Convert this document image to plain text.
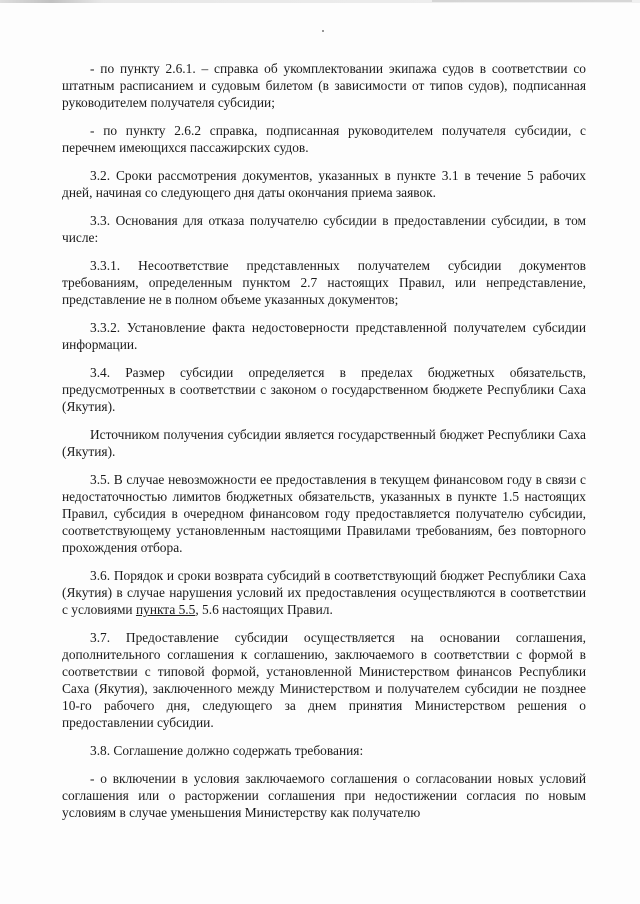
- по пункту 2.6.1. – справка об укомплектовании экипажа судов в соответствии со штатным расписанием и судовым билетом (в зависимости от типов судов), подписанная руководителем получателя субсидии;

- по пункту 2.6.2 справка, подписанная руководителем получателя субсидии, с перечнем имеющихся пассажирских судов.

3.2. Сроки рассмотрения документов, указанных в пункте 3.1 в течение 5 рабочих дней, начиная со следующего дня даты окончания приема заявок.

3.3. Основания для отказа получателю субсидии в предоставлении субсидии, в том числе:

3.3.1. Несоответствие представленных получателем субсидии документов требованиям, определенным пунктом 2.7 настоящих Правил, или непредставление, представление не в полном объеме указанных документов;

3.3.2. Установление факта недостоверности представленной получателем субсидии информации.

3.4. Размер субсидии определяется в пределах бюджетных обязательств, предусмотренных в соответствии с законом о государственном бюджете Республики Саха (Якутия).

Источником получения субсидии является государственный бюджет Республики Саха (Якутия).

3.5. В случае невозможности ее предоставления в текущем финансовом году в связи с недостаточностью лимитов бюджетных обязательств, указанных в пункте 1.5 настоящих Правил, субсидия в очередном финансовом году предоставляется получателю субсидии, соответствующему установленным настоящими Правилами требованиям, без повторного прохождения отбора.

3.6. Порядок и сроки возврата субсидий в соответствующий бюджет Республики Саха (Якутия) в случае нарушения условий их предоставления осуществляются в соответствии с условиями пункта 5.5, 5.6 настоящих Правил.

3.7. Предоставление субсидии осуществляется на основании соглашения, дополнительного соглашения к соглашению, заключаемого в соответствии с формой в соответствии с типовой формой, установленной Министерством финансов Республики Саха (Якутия), заключенного между Министерством и получателем субсидии не позднее 10-го рабочего дня, следующего за днем принятия Министерством решения о предоставлении субсидии.

3.8. Соглашение должно содержать требования:

- о включении в условия заключаемого соглашения о согласовании новых условий соглашения или о расторжении соглашения при недостижении согласия по новым условиям в случае уменьшения Министерству как получателю
